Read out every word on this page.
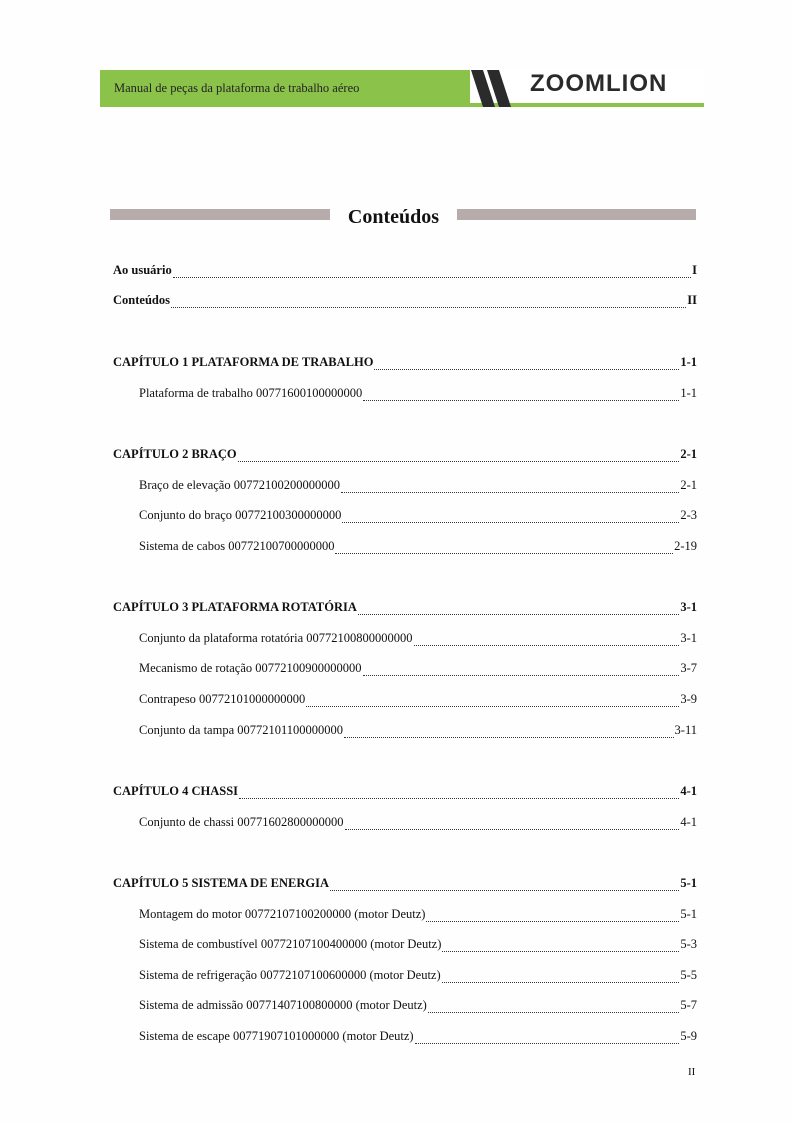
Manual de peças da plataforma de trabalho aéreo	ZOOMLION
Conteúdos
Ao usuário	I
Conteúdos	II
CAPÍTULO 1 PLATAFORMA DE TRABALHO	1-1
Plataforma de trabalho 00771600100000000	1-1
CAPÍTULO 2 BRAÇO	2-1
Braço de elevação 00772100200000000	2-1
Conjunto do braço 00772100300000000	2-3
Sistema de cabos 00772100700000000	2-19
CAPÍTULO 3 PLATAFORMA ROTATÓRIA	3-1
Conjunto da plataforma rotatória 00772100800000000	3-1
Mecanismo de rotação 00772100900000000	3-7
Contrapeso 00772101000000000	3-9
Conjunto da tampa 00772101100000000	3-11
CAPÍTULO 4 CHASSI	4-1
Conjunto de chassi 00771602800000000	4-1
CAPÍTULO 5 SISTEMA DE ENERGIA	5-1
Montagem do motor 00772107100200000 (motor Deutz)	5-1
Sistema de combustível 00772107100400000 (motor Deutz)	5-3
Sistema de refrigeração 00772107100600000 (motor Deutz)	5-5
Sistema de admissão 00771407100800000 (motor Deutz)	5-7
Sistema de escape 00771907101000000 (motor Deutz)	5-9
II
